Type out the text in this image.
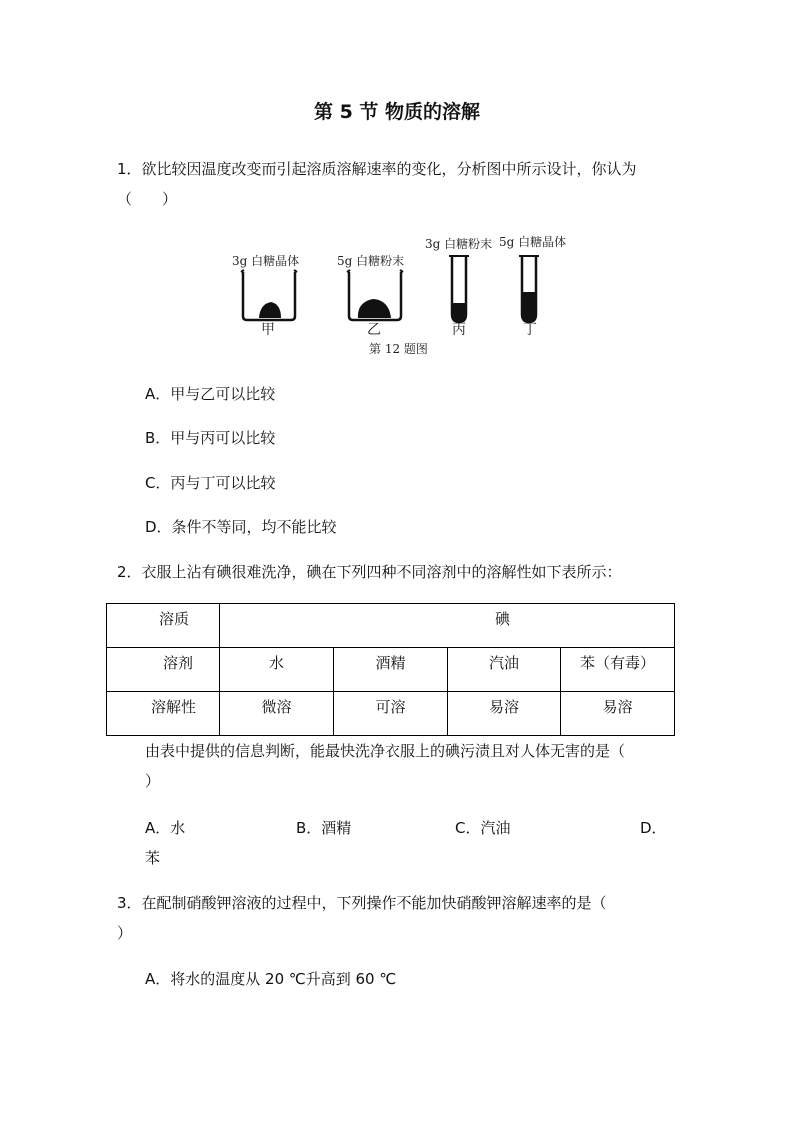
第 5 节 物质的溶解
1．欲比较因温度改变而引起溶质溶解速率的变化，分析图中所示设计，你认为
（　　）
3g 白糖晶体	5g 白糖粉末
3g 白糖粉末 5g 白糖晶体
甲	乙	丙	丁
第 12 题图
A．甲与乙可以比较
B．甲与丙可以比较
C．丙与丁可以比较
D．条件不等同，均不能比较
2．衣服上沾有碘很难洗净，碘在下列四种不同溶剂中的溶解性如下表所示：
溶质	碘			
溶剂	水	酒精	汽油	苯（有毒）
溶解性	微溶	可溶	易溶	易溶
由表中提供的信息判断，能最快洗净衣服上的碘污渍且对人体无害的是（
）
A．水	B．酒精	C．汽油	D．
苯
3．在配制硝酸钾溶液的过程中，下列操作不能加快硝酸钾溶解速率的是（
）
A．将水的温度从 20 ℃升高到 60 ℃
